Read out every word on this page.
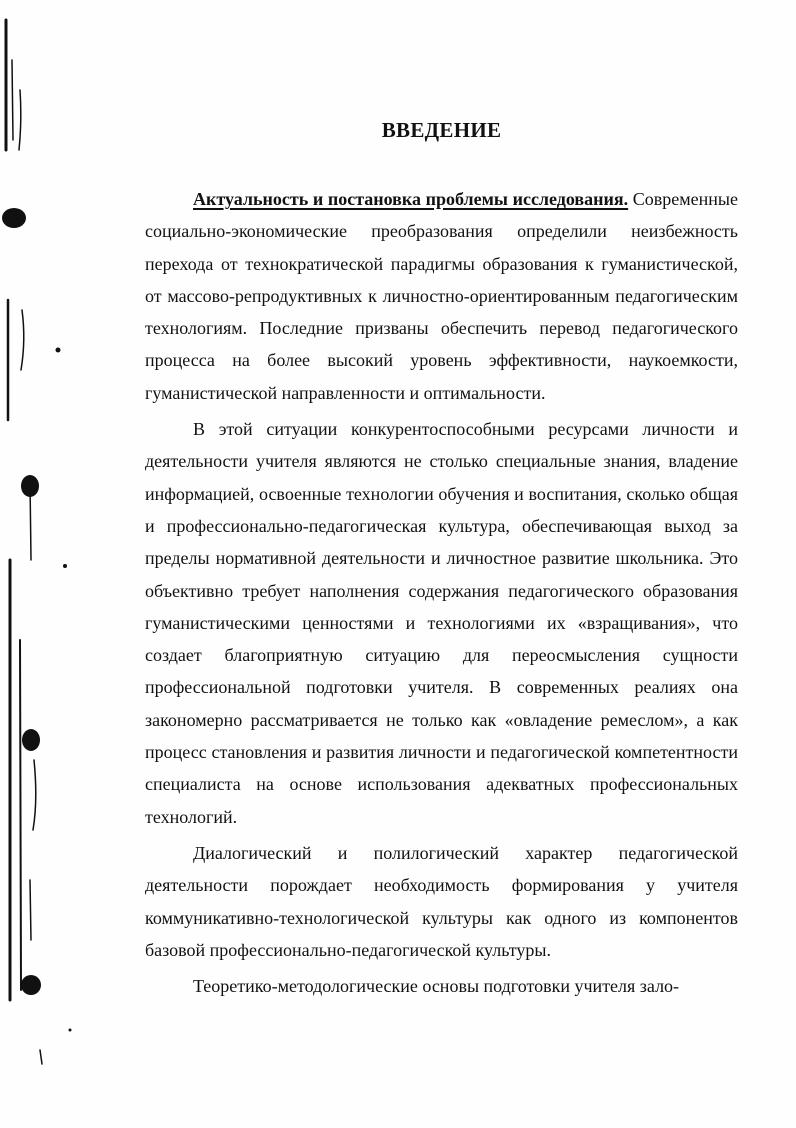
ВВЕДЕНИЕ

Актуальность и постановка проблемы исследования. Современные социально-экономические преобразования определили неизбежность перехода от технократической парадигмы образования к гуманистической, от массово-репродуктивных к личностно-ориентированным педагогическим технологиям. Последние призваны обеспечить перевод педагогического процесса на более высокий уровень эффективности, наукоемкости, гуманистической направленности и оптимальности.

В этой ситуации конкурентоспособными ресурсами личности и деятельности учителя являются не столько специальные знания, владение информацией, освоенные технологии обучения и воспитания, сколько общая и профессионально-педагогическая культура, обеспечивающая выход за пределы нормативной деятельности и личностное развитие школьника. Это объективно требует наполнения содержания педагогического образования гуманистическими ценностями и технологиями их «взращивания», что создает благоприятную ситуацию для переосмысления сущности профессиональной подготовки учителя. В современных реалиях она закономерно рассматривается не только как «овладение ремеслом», а как процесс становления и развития личности и педагогической компетентности специалиста на основе использования адекватных профессиональных технологий.

Диалогический и полилогический характер педагогической деятельности порождает необходимость формирования у учителя коммуникативно-технологической культуры как одного из компонентов базовой профессионально-педагогической культуры.

Теоретико-методологические основы подготовки учителя зало-
